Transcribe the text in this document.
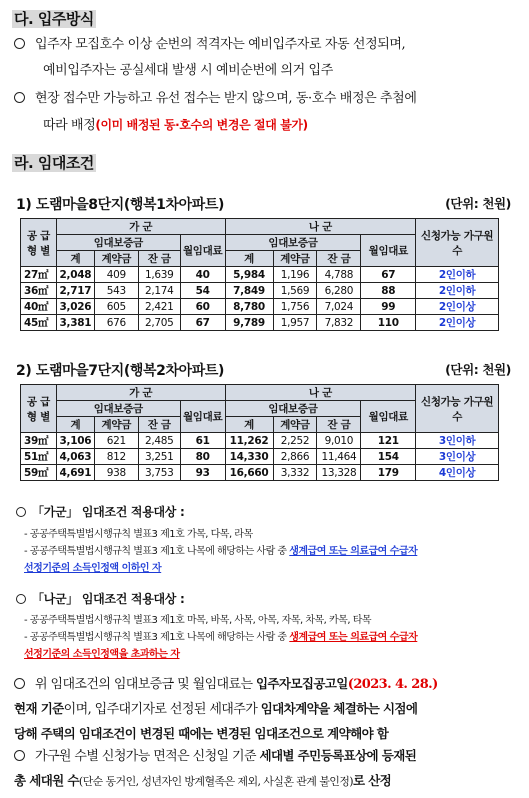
다. 입주방식
입주자 모집호수 이상 순번의 적격자는 예비입주자로 자동 선정되며,
예비입주자는 공실세대 발생 시 예비순번에 의거 입주
현장 접수만 가능하고 유선 접수는 받지 않으며, 동·호수 배정은 추첨에
따라 배정(이미 배정된 동·호수의 변경은 절대 불가)
라. 임대조건
1) 도램마을8단지(행복1차아파트)	(단위: 천원)
공 급 형 별	가 군				나 군				신청가능 가구원수
	임대보증금			월임대료	임대보증금			월임대료	
	계	계약금	잔 금		계	계약금	잔 금		
27㎡	2,048	409	1,639	40	5,984	1,196	4,788	67	2인이하
36㎡	2,717	543	2,174	54	7,849	1,569	6,280	88	2인이하
40㎡	3,026	605	2,421	60	8,780	1,756	7,024	99	2인이상
45㎡	3,381	676	2,705	67	9,789	1,957	7,832	110	2인이상
2) 도램마을7단지(행복2차아파트)	(단위: 천원)
공 급 형 별	가 군				나 군				신청가능 가구원수
	임대보증금			월임대료	임대보증금			월임대료	
	계	계약금	잔 금		계	계약금	잔 금		
39㎡	3,106	621	2,485	61	11,262	2,252	9,010	121	3인이하
51㎡	4,063	812	3,251	80	14,330	2,866	11,464	154	3인이상
59㎡	4,691	938	3,753	93	16,660	3,332	13,328	179	4인이상
「가군」 임대조건 적용대상 :
- 공공주택특별법시행규칙 별표3 제1호 가목, 다목, 라목
- 공공주택특별법시행규칙 별표3 제1호 나목에 해당하는 사람 중 생계급여 또는 의료급여 수급자
선정기준의 소득인정액 이하인 자
「나군」 임대조건 적용대상 :
- 공공주택특별법시행규칙 별표3 제1호 마목, 바목, 사목, 아목, 자목, 차목, 카목, 타목
- 공공주택특별법시행규칙 별표3 제1호 나목에 해당하는 사람 중 생계급여 또는 의료급여 수급자
선정기준의 소득인정액을 초과하는 자
위 임대조건의 임대보증금 및 월임대료는 입주자모집공고일(2023. 4. 28.)
현재 기준이며, 입주대기자로 선정된 세대주가 임대차계약을 체결하는 시점에
당해 주택의 임대조건이 변경된 때에는 변경된 임대조건으로 계약해야 함
가구원 수별 신청가능 면적은 신청일 기준 세대별 주민등록표상에 등재된
총 세대원 수(단순 동거인, 성년자인 방계혈족은 제외, 사실혼 관계 불인정)로 산정
